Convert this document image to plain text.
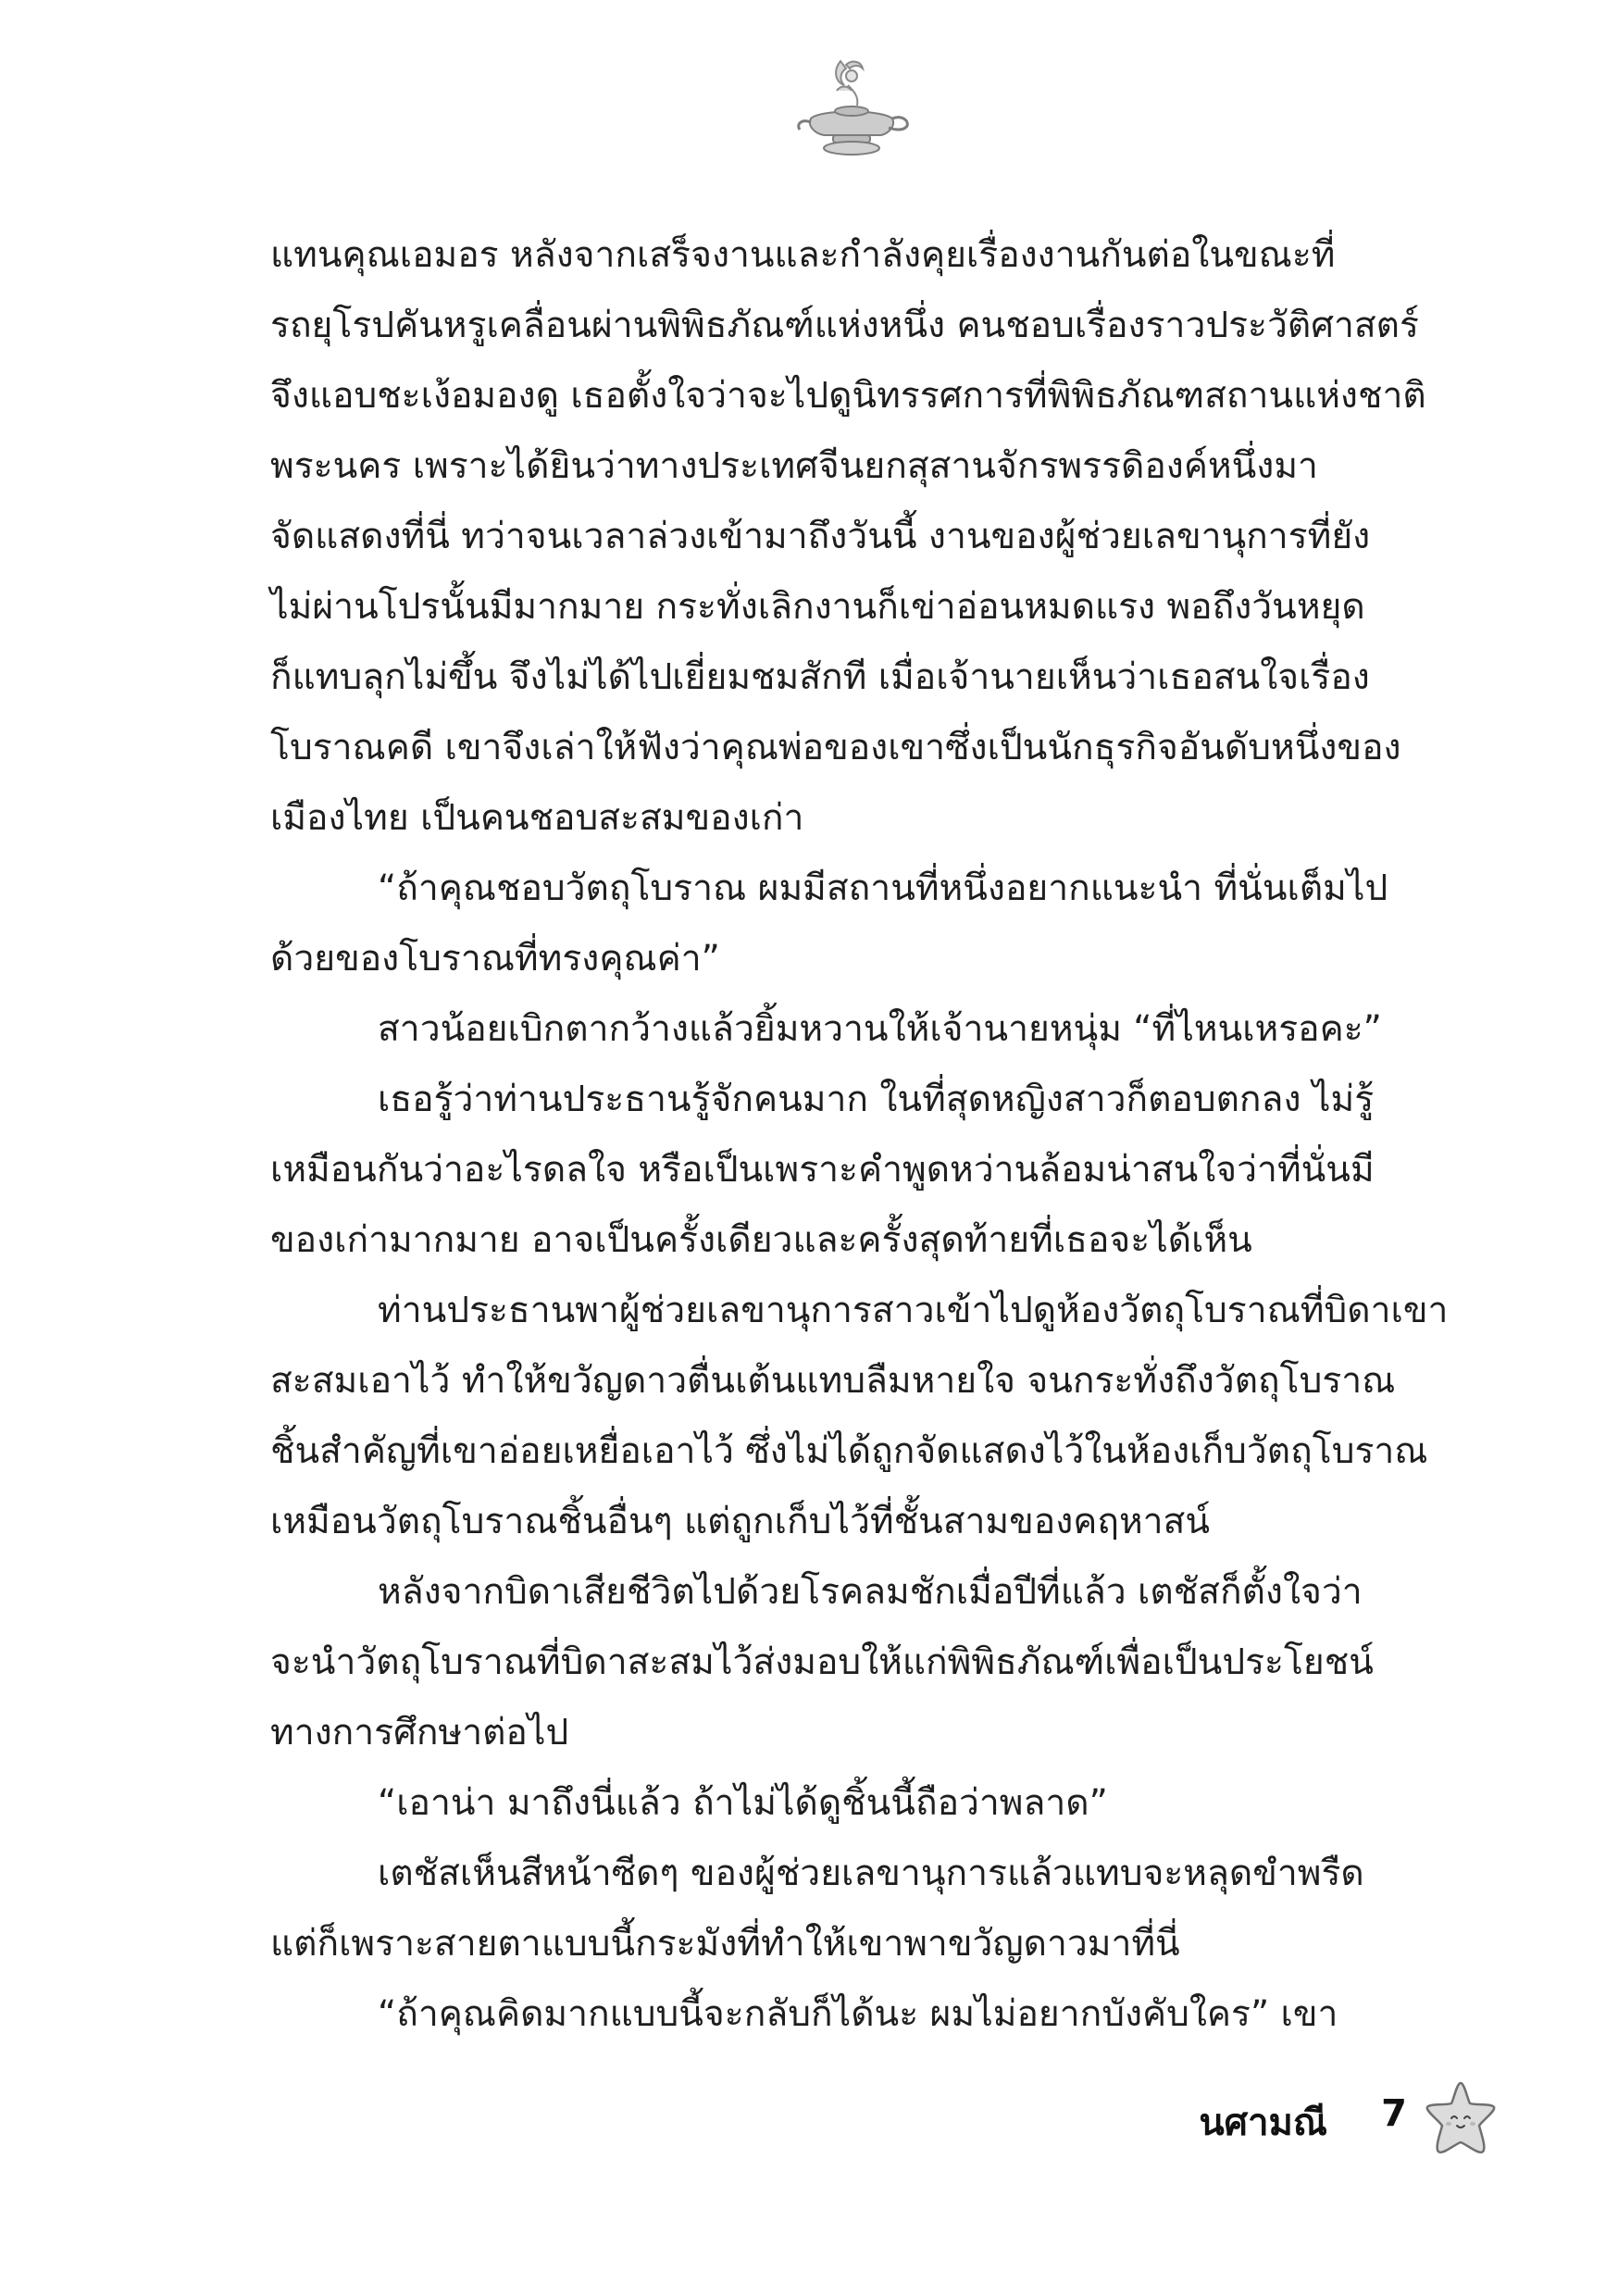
แทนคุณเอมอร หลังจากเสร็จงานและกำลังคุยเรื่องงานกันต่อในขณะที่
รถยุโรปคันหรูเคลื่อนผ่านพิพิธภัณฑ์แห่งหนึ่ง คนชอบเรื่องราวประวัติศาสตร์
จึงแอบชะเง้อมองดู เธอตั้งใจว่าจะไปดูนิทรรศการที่พิพิธภัณฑสถานแห่งชาติ
พระนคร เพราะได้ยินว่าทางประเทศจีนยกสุสานจักรพรรดิองค์หนึ่งมา
จัดแสดงที่นี่ ทว่าจนเวลาล่วงเข้ามาถึงวันนี้ งานของผู้ช่วยเลขานุการที่ยัง
ไม่ผ่านโปรนั้นมีมากมาย กระทั่งเลิกงานก็เข่าอ่อนหมดแรง พอถึงวันหยุด
ก็แทบลุกไม่ขึ้น จึงไม่ได้ไปเยี่ยมชมสักที เมื่อเจ้านายเห็นว่าเธอสนใจเรื่อง
โบราณคดี เขาจึงเล่าให้ฟังว่าคุณพ่อของเขาซึ่งเป็นนักธุรกิจอันดับหนึ่งของ
เมืองไทย เป็นคนชอบสะสมของเก่า
“ถ้าคุณชอบวัตถุโบราณ ผมมีสถานที่หนึ่งอยากแนะนำ ที่นั่นเต็มไป
ด้วยของโบราณที่ทรงคุณค่า”
สาวน้อยเบิกตากว้างแล้วยิ้มหวานให้เจ้านายหนุ่ม “ที่ไหนเหรอคะ”
เธอรู้ว่าท่านประธานรู้จักคนมาก ในที่สุดหญิงสาวก็ตอบตกลง ไม่รู้
เหมือนกันว่าอะไรดลใจ หรือเป็นเพราะคำพูดหว่านล้อมน่าสนใจว่าที่นั่นมี
ของเก่ามากมาย อาจเป็นครั้งเดียวและครั้งสุดท้ายที่เธอจะได้เห็น
ท่านประธานพาผู้ช่วยเลขานุการสาวเข้าไปดูห้องวัตถุโบราณที่บิดาเขา
สะสมเอาไว้ ทำให้ขวัญดาวตื่นเต้นแทบลืมหายใจ จนกระทั่งถึงวัตถุโบราณ
ชิ้นสำคัญที่เขาอ่อยเหยื่อเอาไว้ ซึ่งไม่ได้ถูกจัดแสดงไว้ในห้องเก็บวัตถุโบราณ
เหมือนวัตถุโบราณชิ้นอื่นๆ แต่ถูกเก็บไว้ที่ชั้นสามของคฤหาสน์
หลังจากบิดาเสียชีวิตไปด้วยโรคลมชักเมื่อปีที่แล้ว เตชัสก็ตั้งใจว่า
จะนำวัตถุโบราณที่บิดาสะสมไว้ส่งมอบให้แก่พิพิธภัณฑ์เพื่อเป็นประโยชน์
ทางการศึกษาต่อไป
“เอาน่า มาถึงนี่แล้ว ถ้าไม่ได้ดูชิ้นนี้ถือว่าพลาด”
เตชัสเห็นสีหน้าซีดๆ ของผู้ช่วยเลขานุการแล้วแทบจะหลุดขำพรืด
แต่ก็เพราะสายตาแบบนี้กระมังที่ทำให้เขาพาขวัญดาวมาที่นี่
“ถ้าคุณคิดมากแบบนี้จะกลับก็ได้นะ ผมไม่อยากบังคับใคร” เขา
นศามณี 7
